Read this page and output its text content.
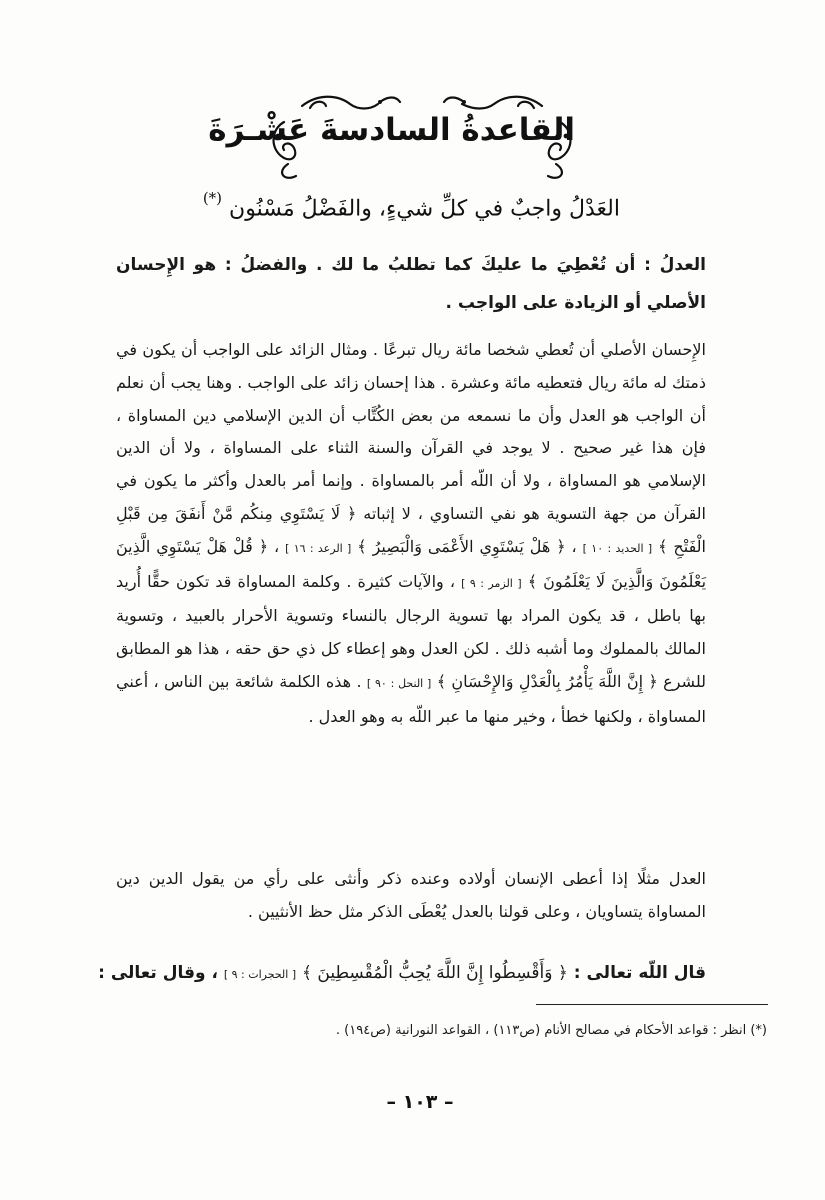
القاعدةُ السادسةَ عَشْـرَةَ
العَدْلُ واجبٌ في كلِّ شيءٍ، والفَضْلُ مَسْنُون (*)
العدلُ : أن تُعْطِيَ ما عليكَ كما تطلبُ ما لك . والفضلُ : هو الإِحسان الأصلي أو الزيادة على الواجب .
الإِحسان الأصلي أن تُعطي شخصا مائة ريال تبرعًا . ومثال الزائد على الواجب أن يكون في ذمتك له مائة ريال فتعطيه مائة وعشرة . هذا إحسان زائد على الواجب . وهنا يجب أن نعلم أن الواجب هو العدل وأن ما نسمعه من بعض الكُتَّاب أن الدين الإسلامي دين المساواة ، فإن هذا غير صحيح . لا يوجد في القرآن والسنة الثناء على المساواة ، ولا أن الدين الإسلامي هو المساواة ، ولا أن اللّه أمر بالمساواة . وإنما أمر بالعدل وأكثر ما يكون في القرآن من جهة التسوية هو نفي التساوي ، لا إثباته ﴿ لَا يَسْتَوِي مِنكُم مَّنْ أَنفَقَ مِن قَبْلِ الْفَتْحِ ﴾ [ الحديد : ١٠ ] ، ﴿ هَلْ يَسْتَوِي الأَعْمَى وَالْبَصِيرُ ﴾ [ الرعد : ١٦ ] ، ﴿ قُلْ هَلْ يَسْتَوِي الَّذِينَ يَعْلَمُونَ وَالَّذِينَ لَا يَعْلَمُونَ ﴾ [ الزمر : ٩ ] ، والآيات كثيرة . وكلمة المساواة قد تكون حقًّا أُريد بها باطل ، قد يكون المراد بها تسوية الرجال بالنساء وتسوية الأحرار بالعبيد ، وتسوية المالك بالمملوك وما أشبه ذلك . لكن العدل وهو إعطاء كل ذي حق حقه ، هذا هو المطابق للشرع ﴿ إِنَّ اللَّهَ يَأْمُرُ بِالْعَدْلِ وَالإِحْسَانِ ﴾ [ النحل : ٩٠ ] . هذه الكلمة شائعة بين الناس ، أعني المساواة ، ولكنها خطأ ، وخير منها ما عبر اللّه به وهو العدل .
العدل مثلًا إذا أعطى الإنسان أولاده وعنده ذكر وأنثى على رأي من يقول الدين دين المساواة يتساويان ، وعلى قولنا بالعدل يُعْطَى الذكر مثل حظ الأنثيين .
قال اللّه تعالى : ﴿ وَأَقْسِطُوا إِنَّ اللَّهَ يُحِبُّ الْمُقْسِطِينَ ﴾ [ الحجرات : ٩ ] ، وقال تعالى :
(*) انظر : قواعد الأحكام في مصالح الأنام (ص١١٣) ، القواعد النورانية (ص١٩٤) .
– ١٠٣ –
